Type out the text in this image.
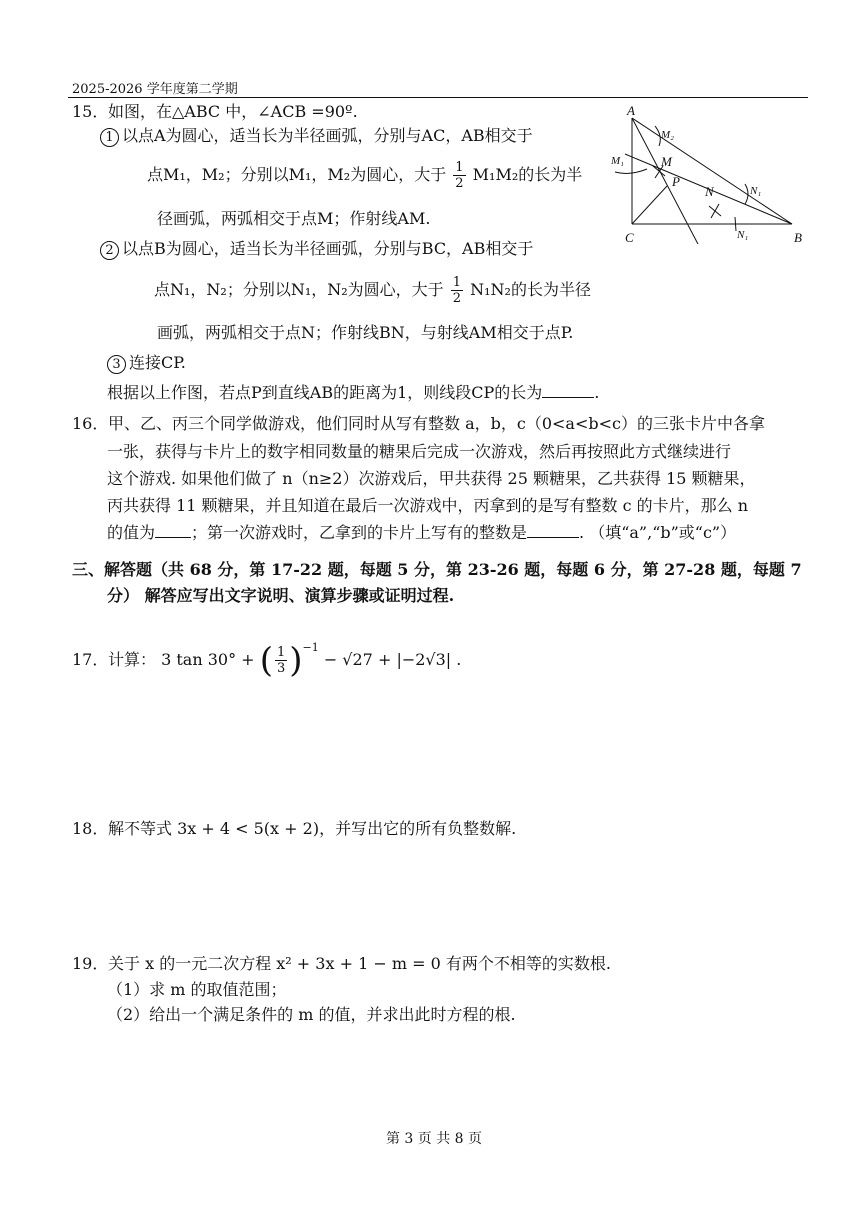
2025-2026 学年度第二学期
15．如图，在△ABC 中，∠ACB =90º.
1 以点A为圆心，适当长为半径画弧，分别与AC，AB相交于
点M₁，M₂；分别以M₁，M₂为圆心，大于 $\frac{1}{2} M_1M_2$的长为半
径画弧，两弧相交于点M；作射线AM.
2 以点B为圆心，适当长为半径画弧，分别与BC，AB相交于
点N₁，N₂；分别以N₁，N₂为圆心，大于 $\frac{1}{2} N_1N_2$的长为半径
画弧，两弧相交于点N；作射线BN，与射线AM相交于点P.
3 连接CP.
根据以上作图，若点P到直线AB的距离为1，则线段CP的长为	.
A
B
C
M
P
N
M₁
M₂
N₁
N₁
16．甲、乙、丙三个同学做游戏，他们同时从写有整数 a，b，c（0<a<b<c）的三张卡片中各拿
一张，获得与卡片上的数字相同数量的糖果后完成一次游戏，然后再按照此方式继续进行
这个游戏. 如果他们做了 n（n≥2）次游戏后，甲共获得 25 颗糖果，乙共获得 15 颗糖果，
丙共获得 11 颗糖果，并且知道在最后一次游戏中，丙拿到的是写有整数 c 的卡片，那么 n
的值为 ；第一次游戏时，乙拿到的卡片上写有的整数是	. （填“a”,“b”或“c”）
三、解答题（共 68 分，第 17-22 题，每题 5 分，第 23-26 题，每题 6 分，第 27-28 题，每题 7
分） 解答应写出文字说明、演算步骤或证明过程.
17．计算： 3 tan 30° + ( $\frac{1}{3} )^{-1} - √27 + |-2√3|$ .
18．解不等式 3x + 4 < 5(x + 2)，并写出它的所有负整数解.
19．关于 x 的一元二次方程 x² + 3x + 1 − m = 0 有两个不相等的实数根.
（1）求 m 的取值范围；
（2）给出一个满足条件的 m 的值，并求出此时方程的根.
第 3 页 共 8 页
